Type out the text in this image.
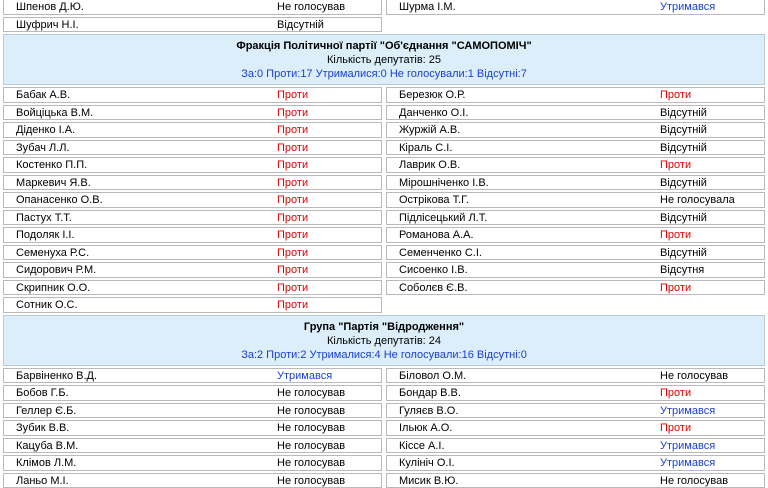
Шпенов Д.Ю.	Не голосував	Шурма І.М.	Утримався
Шуфрич Н.І.	Відсутній
Фракція Політичної партії "Об'єднання "САМОПОМІЧ"
Кількість депутатів: 25
За:0 Проти:17 Утрималися:0 Не голосували:1 Відсутні:7
Бабак А.В.	Проти	Березюк О.Р.	Проти
Войціцька В.М.	Проти	Данченко О.І.	Відсутній
Діденко І.А.	Проти	Журжій А.В.	Відсутній
Зубач Л.Л.	Проти	Кіраль С.І.	Відсутній
Костенко П.П.	Проти	Лаврик О.В.	Проти
Маркевич Я.В.	Проти	Мірошніченко І.В.	Відсутній
Опанасенко О.В.	Проти	Острікова Т.Г.	Не голосувала
Пастух Т.Т.	Проти	Підлісецький Л.Т.	Відсутній
Подоляк І.І.	Проти	Романова А.А.	Проти
Семенуха Р.С.	Проти	Семенченко С.І.	Відсутній
Сидорович Р.М.	Проти	Сисоенко І.В.	Відсутня
Скрипник О.О.	Проти	Соболєв Є.В.	Проти
Сотник О.С.	Проти
Група "Партія "Відродження"
Кількість депутатів: 24
За:2 Проти:2 Утрималися:4 Не голосували:16 Відсутні:0
Барвіненко В.Д.	Утримався	Біловол О.М.	Не голосував
Бобов Г.Б.	Не голосував	Бондар В.В.	Проти
Геллер Є.Б.	Не голосував	Гуляєв В.О.	Утримався
Зубик В.В.	Не голосував	Ільюк А.О.	Проти
Кацуба В.М.	Не голосував	Кіссе А.І.	Утримався
Клімов Л.М.	Не голосував	Кулініч О.І.	Утримався
Ланьо М.І.	Не голосував	Мисик В.Ю.	Не голосував
